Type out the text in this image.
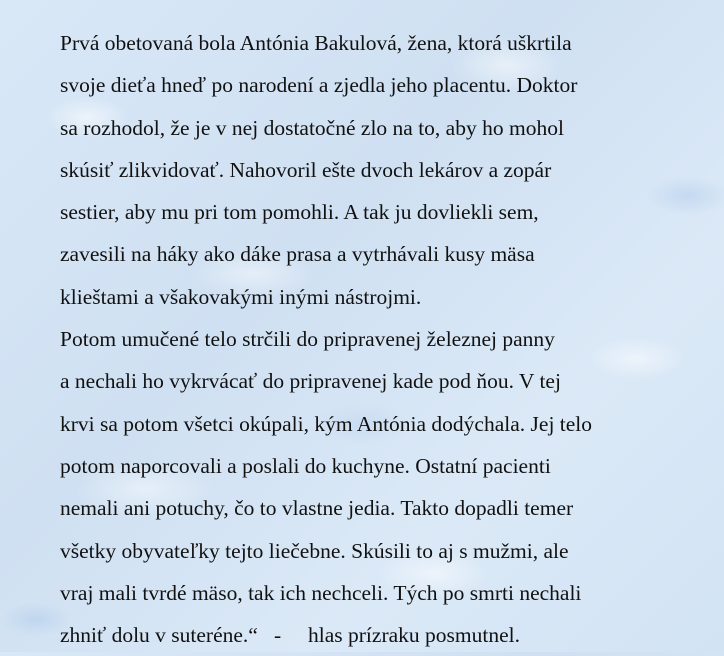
Prvá obetovaná bola Antónia Bakulová, žena, ktorá uškrtila
svoje dieťa hneď po narodení a zjedla jeho placentu. Doktor
sa rozhodol, že je v nej dostatočné zlo na to, aby ho mohol
skúsiť zlikvidovať. Nahovoril ešte dvoch lekárov a zopár
sestier, aby mu pri tom pomohli. A tak ju dovliekli sem,
zavesili na háky ako dáke prasa a vytrhávali kusy mäsa
klieštami a všakovakými inými nástrojmi.
Potom umučené telo strčili do pripravenej železnej panny
a nechali ho vykrvácať do pripravenej kade pod ňou. V tej
krvi sa potom všetci okúpali, kým Antónia dodýchala. Jej telo
potom naporcovali a poslali do kuchyne. Ostatní pacienti
nemali ani potuchy, čo to vlastne jedia. Takto dopadli temer
všetky obyvateľky tejto liečebne. Skúsili to aj s mužmi, ale
vraj mali tvrdé mäso, tak ich nechceli. Tých po smrti nechali
zhniť dolu v suteréne.“   -     hlas prízraku posmutnel.
